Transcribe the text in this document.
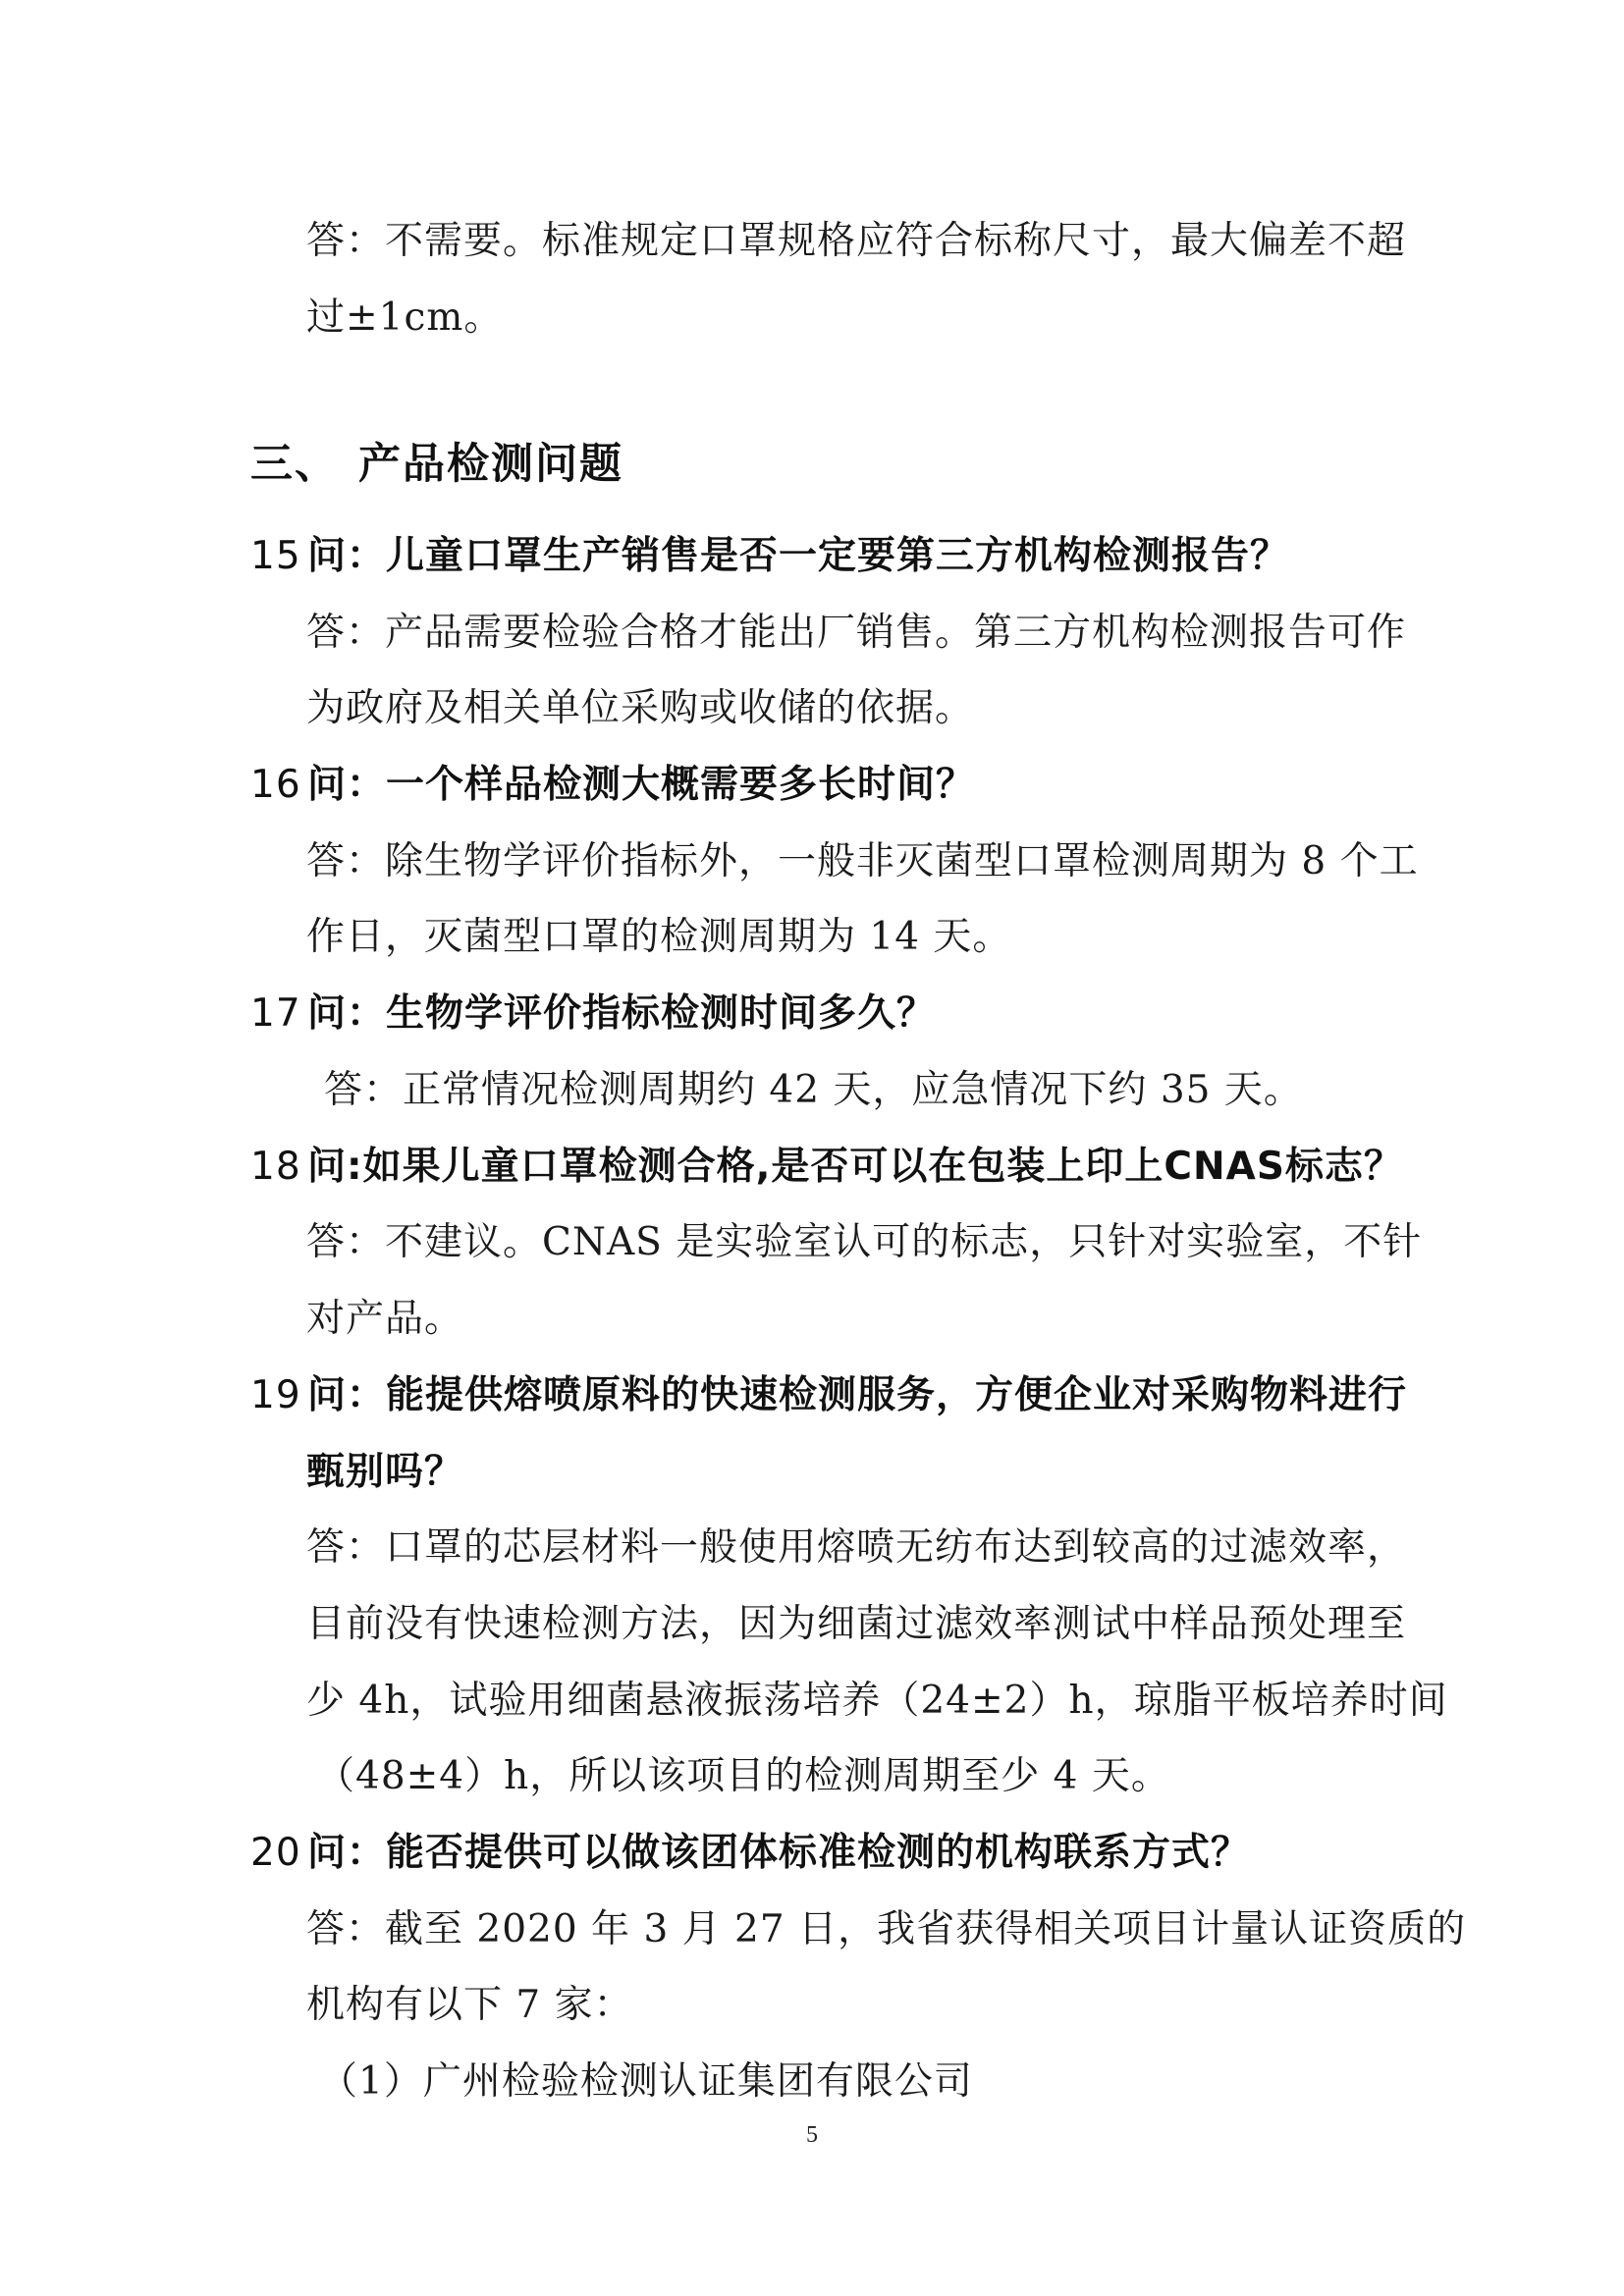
答：不需要。标准规定口罩规格应符合标称尺寸，最大偏差不超
过±1cm。
三、 产品检测问题
15 问：儿童口罩生产销售是否一定要第三方机构检测报告？
答：产品需要检验合格才能出厂销售。第三方机构检测报告可作
为政府及相关单位采购或收储的依据。
16 问：一个样品检测大概需要多长时间？
答：除生物学评价指标外，一般非灭菌型口罩检测周期为 8 个工
作日，灭菌型口罩的检测周期为 14 天。
17 问：生物学评价指标检测时间多久？
答：正常情况检测周期约 42 天，应急情况下约 35 天。
18 问:如果儿童口罩检测合格,是否可以在包装上印上CNAS标志？
答：不建议。CNAS 是实验室认可的标志，只针对实验室，不针
对产品。
19 问：能提供熔喷原料的快速检测服务，方便企业对采购物料进行
甄别吗？
答：口罩的芯层材料一般使用熔喷无纺布达到较高的过滤效率，
目前没有快速检测方法，因为细菌过滤效率测试中样品预处理至
少 4h，试验用细菌悬液振荡培养（24±2）h，琼脂平板培养时间
（48±4）h，所以该项目的检测周期至少 4 天。
20 问：能否提供可以做该团体标准检测的机构联系方式？
答：截至 2020 年 3 月 27 日，我省获得相关项目计量认证资质的
机构有以下 7 家：
（1）广州检验检测认证集团有限公司
5
